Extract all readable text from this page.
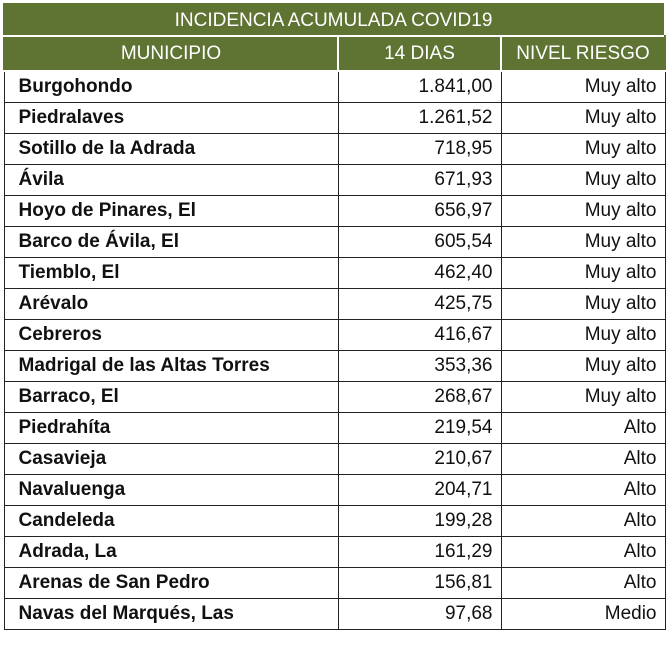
INCIDENCIA ACUMULADA COVID19
MUNICIPIO	14 DIAS	NIVEL RIESGO
Burgohondo	1.841,00	Muy alto
Piedralaves	1.261,52	Muy alto
Sotillo de la Adrada	718,95	Muy alto
Ávila	671,93	Muy alto
Hoyo de Pinares, El	656,97	Muy alto
Barco de Ávila, El	605,54	Muy alto
Tiemblo, El	462,40	Muy alto
Arévalo	425,75	Muy alto
Cebreros	416,67	Muy alto
Madrigal de las Altas Torres	353,36	Muy alto
Barraco, El	268,67	Muy alto
Piedrahíta	219,54	Alto
Casavieja	210,67	Alto
Navaluenga	204,71	Alto
Candeleda	199,28	Alto
Adrada, La	161,29	Alto
Arenas de San Pedro	156,81	Alto
Navas del Marqués, Las	97,68	Medio
